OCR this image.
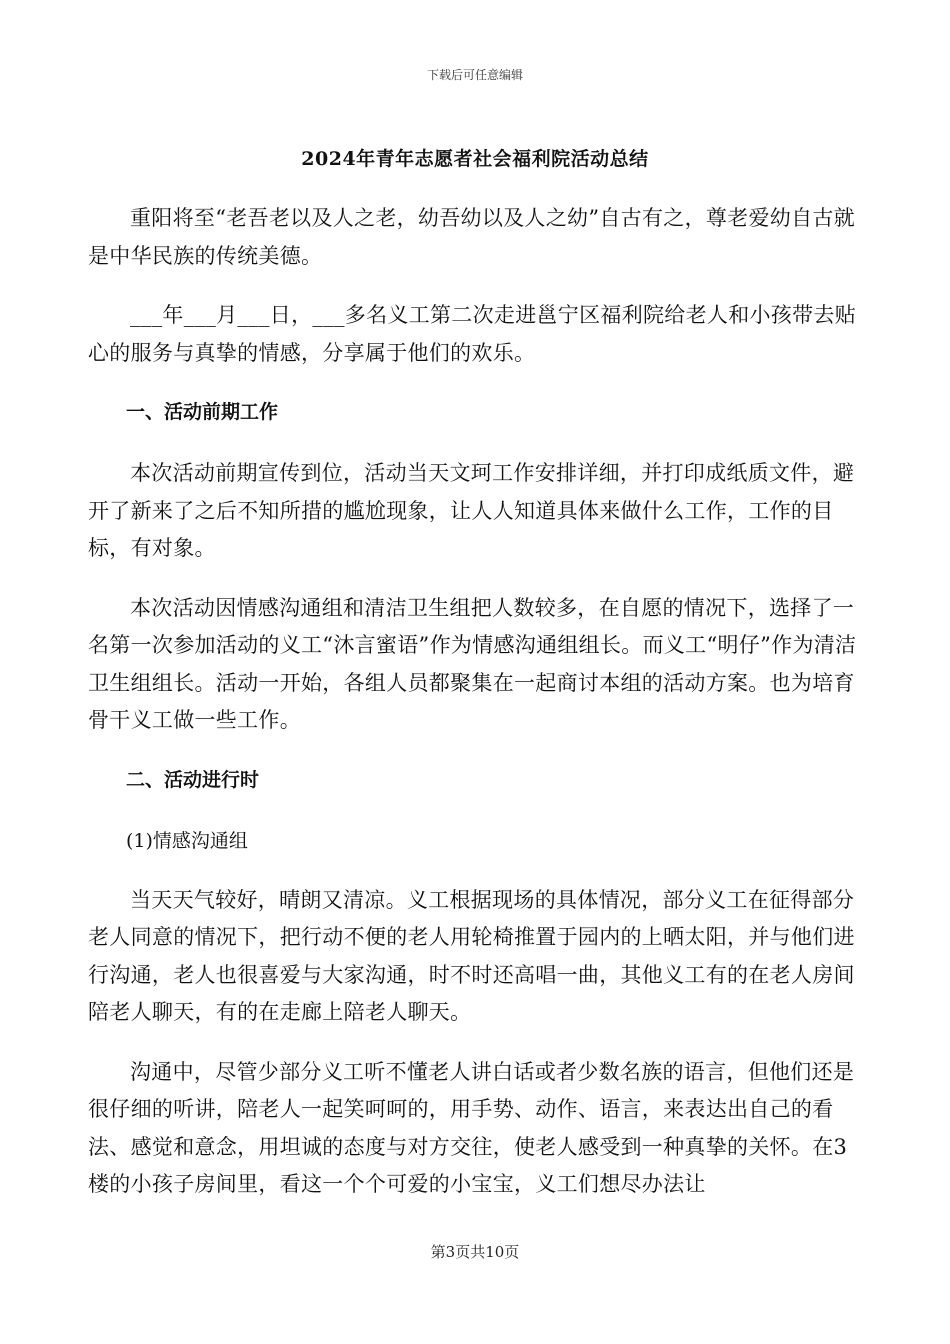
下载后可任意编辑
2024年青年志愿者社会福利院活动总结

重阳将至“老吾老以及人之老，幼吾幼以及人之幼”自古有之，尊老爱幼自古就是中华民族的传统美德。

___年___月___日，___多名义工第二次走进邕宁区福利院给老人和小孩带去贴心的服务与真挚的情感，分享属于他们的欢乐。

一、活动前期工作

本次活动前期宣传到位，活动当天文珂工作安排详细，并打印成纸质文件，避开了新来了之后不知所措的尴尬现象，让人人知道具体来做什么工作，工作的目标，有对象。

本次活动因情感沟通组和清洁卫生组把人数较多，在自愿的情况下，选择了一名第一次参加活动的义工“沐言蜜语”作为情感沟通组组长。而义工“明仔”作为清洁卫生组组长。活动一开始，各组人员都聚集在一起商讨本组的活动方案。也为培育骨干义工做一些工作。

二、活动进行时

(1)情感沟通组

当天天气较好，晴朗又清凉。义工根据现场的具体情况，部分义工在征得部分老人同意的情况下，把行动不便的老人用轮椅推置于园内的上晒太阳，并与他们进行沟通，老人也很喜爱与大家沟通，时不时还高唱一曲，其他义工有的在老人房间陪老人聊天，有的在走廊上陪老人聊天。

沟通中，尽管少部分义工听不懂老人讲白话或者少数名族的语言，但他们还是很仔细的听讲，陪老人一起笑呵呵的，用手势、动作、语言，来表达出自己的看法、感觉和意念，用坦诚的态度与对方交往，使老人感受到一种真挚的关怀。在3楼的小孩子房间里，看这一个个可爱的小宝宝，义工们想尽办法让

第3页共10页
